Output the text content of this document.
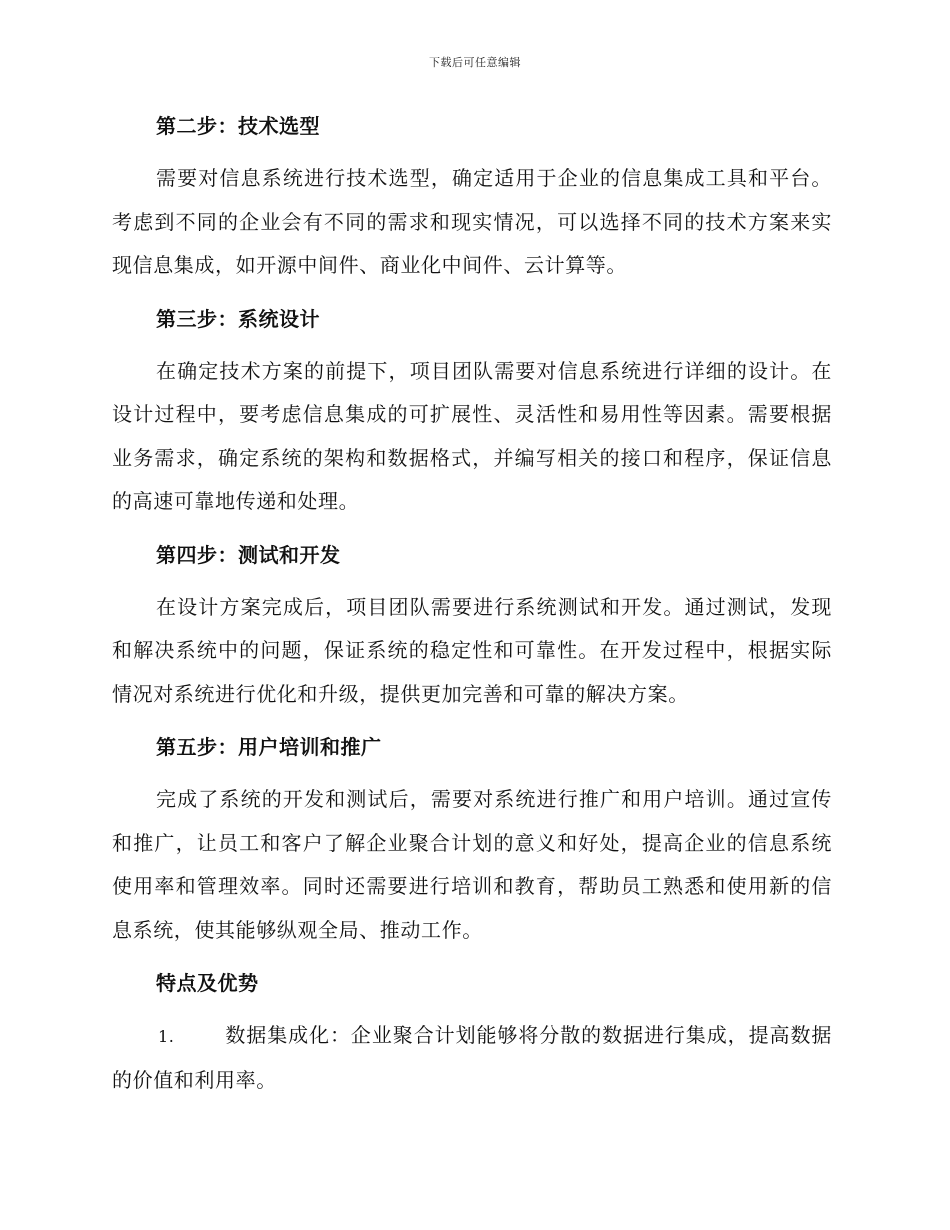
下载后可任意编辑
第二步：技术选型

需要对信息系统进行技术选型，确定适用于企业的信息集成工具和平台。考虑到不同的企业会有不同的需求和现实情况，可以选择不同的技术方案来实现信息集成，如开源中间件、商业化中间件、云计算等。

第三步：系统设计

在确定技术方案的前提下，项目团队需要对信息系统进行详细的设计。在设计过程中，要考虑信息集成的可扩展性、灵活性和易用性等因素。需要根据业务需求，确定系统的架构和数据格式，并编写相关的接口和程序，保证信息的高速可靠地传递和处理。

第四步：测试和开发

在设计方案完成后，项目团队需要进行系统测试和开发。通过测试，发现和解决系统中的问题，保证系统的稳定性和可靠性。在开发过程中，根据实际情况对系统进行优化和升级，提供更加完善和可靠的解决方案。

第五步：用户培训和推广

完成了系统的开发和测试后，需要对系统进行推广和用户培训。通过宣传和推广，让员工和客户了解企业聚合计划的意义和好处，提高企业的信息系统使用率和管理效率。同时还需要进行培训和教育，帮助员工熟悉和使用新的信息系统，使其能够纵观全局、推动工作。

特点及优势

1.	数据集成化：企业聚合计划能够将分散的数据进行集成，提高数据的价值和利用率。
